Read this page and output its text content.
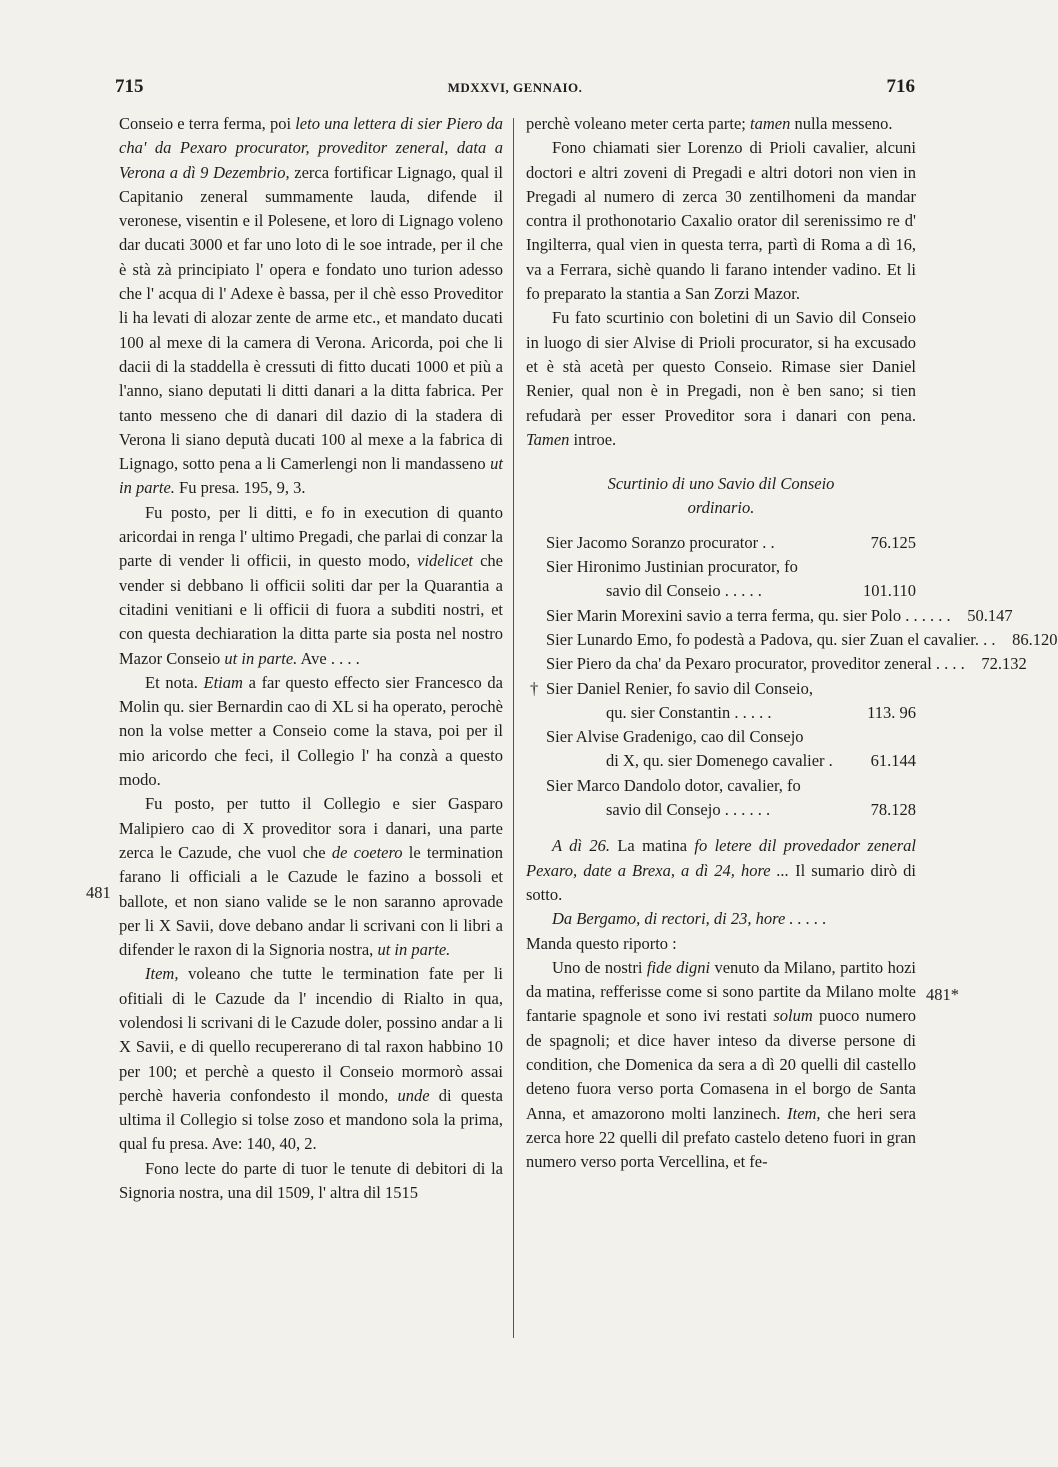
715	MDXXVI, GENNAIO.	716
481
481*

Conseio e terra ferma, poi leto una lettera di sier Piero da cha' da Pexaro procurator, proveditor zeneral, data a Verona a dì 9 Dezembrio, zerca fortificar Lignago, qual il Capitanio zeneral summamente lauda, difende il veronese, visentin e il Polesene, et loro di Lignago voleno dar ducati 3000 et far uno loto di le soe intrade, per il che è stà zà principiato l' opera e fondato uno turion adesso che l' acqua di l' Adexe è bassa, per il chè esso Proveditor li ha levati di alozar zente de arme etc., et mandato ducati 100 al mexe di la camera di Verona. Aricorda, poi che li dacii di la staddella è cressuti di fitto ducati 1000 et più a l'anno, siano deputati li ditti danari a la ditta fabrica. Per tanto messeno che di danari dil dazio di la stadera di Verona li siano deputà ducati 100 al mexe a la fabrica di Lignago, sotto pena a li Camerlengi non li mandasseno ut in parte. Fu presa. 195, 9, 3.

Fu posto, per li ditti, e fo in execution di quanto aricordai in renga l' ultimo Pregadi, che parlai di conzar la parte di vender li officii, in questo modo, videlicet che vender si debbano li officii soliti dar per la Quarantia a citadini venitiani e li officii di fuora a subditi nostri, et con questa dechiaration la ditta parte sia posta nel nostro Mazor Conseio ut in parte. Ave . . . .

Et nota. Etiam a far questo effecto sier Francesco da Molin qu. sier Bernardin cao di XL si ha operato, perochè non la volse metter a Conseio come la stava, poi per il mio aricordo che feci, il Collegio l' ha conzà a questo modo.

Fu posto, per tutto il Collegio e sier Gasparo Malipiero cao di X proveditor sora i danari, una parte zerca le Cazude, che vuol che de coetero le termination farano li officiali a le Cazude le fazino a bossoli et ballote, et non siano valide se le non saranno aprovade per li X Savii, dove debano andar li scrivani con li libri a difender le raxon di la Signoria nostra, ut in parte.

Item, voleano che tutte le termination fate per li ofitiali di le Cazude da l' incendio di Rialto in qua, volendosi li scrivani di le Cazude doler, possino andar a li X Savii, e di quello recupererano di tal raxon habbino 10 per 100; et perchè a questo il Conseio mormorò assai perchè haveria confondesto il mondo, unde di questa ultima il Collegio si tolse zoso et mandono sola la prima, qual fu presa. Ave: 140, 40, 2.

Fono lecte do parte di tuor le tenute di debitori di la Signoria nostra, una dil 1509, l' altra dil 1515

perchè voleano meter certa parte; tamen nulla messeno.

Fono chiamati sier Lorenzo di Prioli cavalier, alcuni doctori e altri zoveni di Pregadi e altri dotori non vien in Pregadi al numero di zerca 30 zentilhomeni da mandar contra il prothonotario Caxalio orator dil serenissimo re d' Ingilterra, qual vien in questa terra, partì di Roma a dì 16, va a Ferrara, sichè quando li farano intender vadino. Et li fo preparato la stantia a San Zorzi Mazor.

Fu fato scurtinio con boletini di un Savio dil Conseio in luogo di sier Alvise di Prioli procurator, si ha excusado et è stà acetà per questo Conseio. Rimase sier Daniel Renier, qual non è in Pregadi, non è ben sano; si tien refudarà per esser Proveditor sora i danari con pena. Tamen introe.

Scurtinio di uno Savio dil Conseio
ordinario.
Sier Jacomo Soranzo procurator . .	76.125
Sier Hironimo Justinian procurator, fo
savio dil Conseio . . . . .	101.110
Sier Marin Morexini savio a terra ferma, qu. sier Polo . . . . . .	50.147
Sier Lunardo Emo, fo podestà a Padova, qu. sier Zuan el cavalier. . .	86.120
Sier Piero da cha' da Pexaro procurator, proveditor zeneral . . . .	72.132
† Sier Daniel Renier, fo savio dil Conseio,
qu. sier Constantin . . . . .	113. 96
Sier Alvise Gradenigo, cao dil Consejo
di X, qu. sier Domenego cavalier .	61.144
Sier Marco Dandolo dotor, cavalier, fo
savio dil Consejo . . . . . .	78.128

A dì 26. La matina fo letere dil provedador zeneral Pexaro, date a Brexa, a dì 24, hore ... Il sumario dirò di sotto.

Da Bergamo, di rectori, di 23, hore . . . . .

Manda questo riporto :

Uno de nostri fide digni venuto da Milano, partito hozi da matina, refferisse come si sono partite da Milano molte fantarie spagnole et sono ivi restati solum puoco numero de spagnoli; et dice haver inteso da diverse persone di condition, che Domenica da sera a dì 20 quelli dil castello deteno fuora verso porta Comasena in el borgo de Santa Anna, et amazorono molti lanzinech. Item, che heri sera zerca hore 22 quelli dil prefato castelo deteno fuori in gran numero verso porta Vercellina, et fe-
